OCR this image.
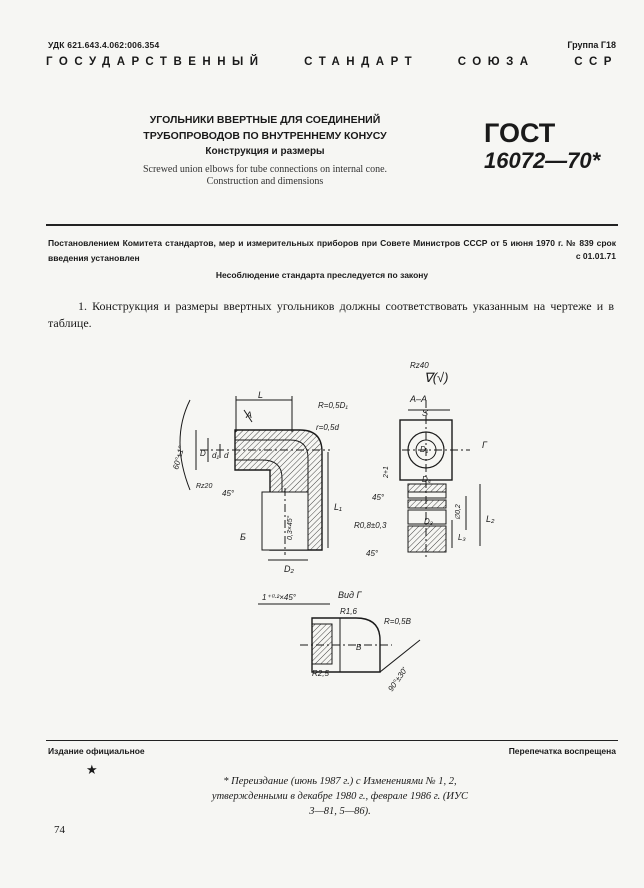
УДК 621.643.4.062:006.354	Группа Г18
ГОСУДАРСТВЕННЫЙ	СТАНДАРТ	СОЮЗА	ССР
УГОЛЬНИКИ ВВЕРТНЫЕ ДЛЯ СОЕДИНЕНИЙ
ТРУБОПРОВОДОВ ПО ВНУТРЕННЕМУ КОНУСУ
Конструкция и размеры
Screwed union elbows for tube connections on internal cone.
Construction and dimensions
ГОСТ
16072—70*
Постановлением Комитета стандартов, мер и измерительных приборов при Совете Министров СССР от 5 июня 1970 г. № 839 срок введения установлен	с 01.01.71
Несоблюдение стандарта преследуется по закону
1. Конструкция и размеры ввертных угольников должны соответствовать указанным на чертеже и в таблице.
Rz40
∇(√)
L
A
R=0,5D₁
r=0,5d
60°±1° D d₁ d
Rz20
45°
Б
L₁
0,3×45°
D₂
А–А
S
Г
D₁
D₄
2+1
45°
R0,8±0,3	D₃
45°
∅0,2	L₂
L₃
1⁺⁰·²×45°	Вид Г
R1,6
R=0,5В
В
R2,5	90°±30'
Издание официальное	Перепечатка воспрещена
★
* Переиздание (июнь 1987 г.) с Изменениями № 1, 2, утвержденными в декабре 1980 г., феврале 1986 г. (ИУС 3—81, 5—86).
74
